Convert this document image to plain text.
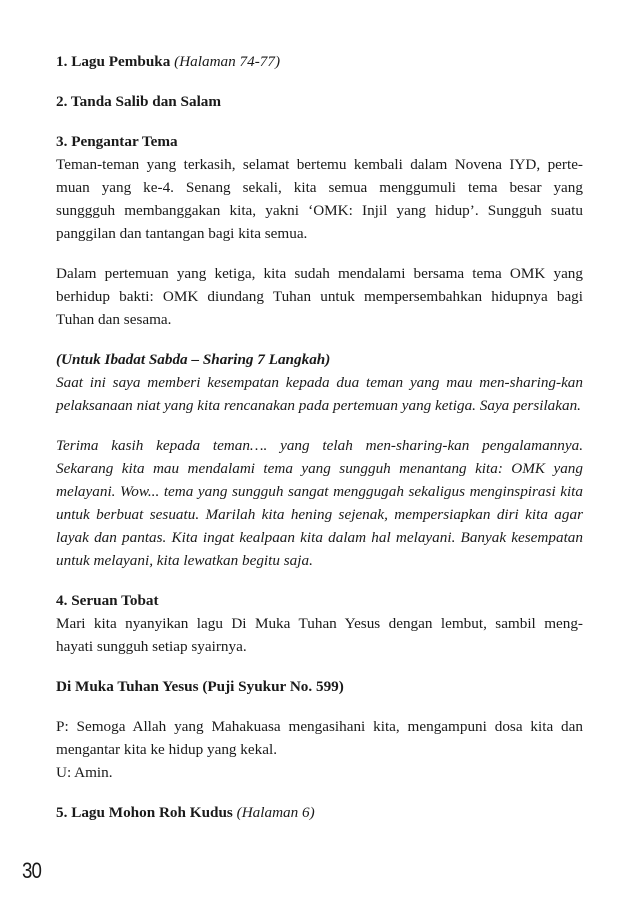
1. Lagu Pembuka (Halaman 74-77)

2. Tanda Salib dan Salam

3. Pengantar Tema
Teman-teman yang terkasih, selamat bertemu kembali dalam Novena IYD, perte-
muan yang ke-4. Senang sekali, kita semua menggumuli tema besar yang
sunggguh membanggakan kita, yakni ‘OMK: Injil yang hidup’. Sungguh suatu
panggilan dan tantangan bagi kita semua.
Dalam pertemuan yang ketiga, kita sudah mendalami bersama tema OMK yang
berhidup bakti: OMK diundang Tuhan untuk mempersembahkan hidupnya bagi
Tuhan dan sesama.
(Untuk Ibadat Sabda – Sharing 7 Langkah)
Saat ini saya memberi kesempatan kepada dua teman yang mau men-sharing-kan
pelaksanaan niat yang kita rencanakan pada pertemuan yang ketiga. Saya persilakan.
Terima kasih kepada teman…. yang telah men-sharing-kan pengalamannya.
Sekarang kita mau mendalami tema yang sungguh menantang kita: OMK yang
melayani. Wow... tema yang sungguh sangat menggugah sekaligus menginspirasi kita
untuk berbuat sesuatu. Marilah kita hening sejenak, mempersiapkan diri kita agar
layak dan pantas. Kita ingat kealpaan kita dalam hal melayani. Banyak kesempatan
untuk melayani, kita lewatkan begitu saja.
4. Seruan Tobat
Mari kita nyanyikan lagu Di Muka Tuhan Yesus dengan lembut, sambil meng-
hayati sungguh setiap syairnya.

Di Muka Tuhan Yesus (Puji Syukur No. 599)

P: Semoga Allah yang Mahakuasa mengasihani kita, mengampuni dosa kita dan
mengantar kita ke hidup yang kekal.
U: Amin.

5. Lagu Mohon Roh Kudus (Halaman 6)

30
